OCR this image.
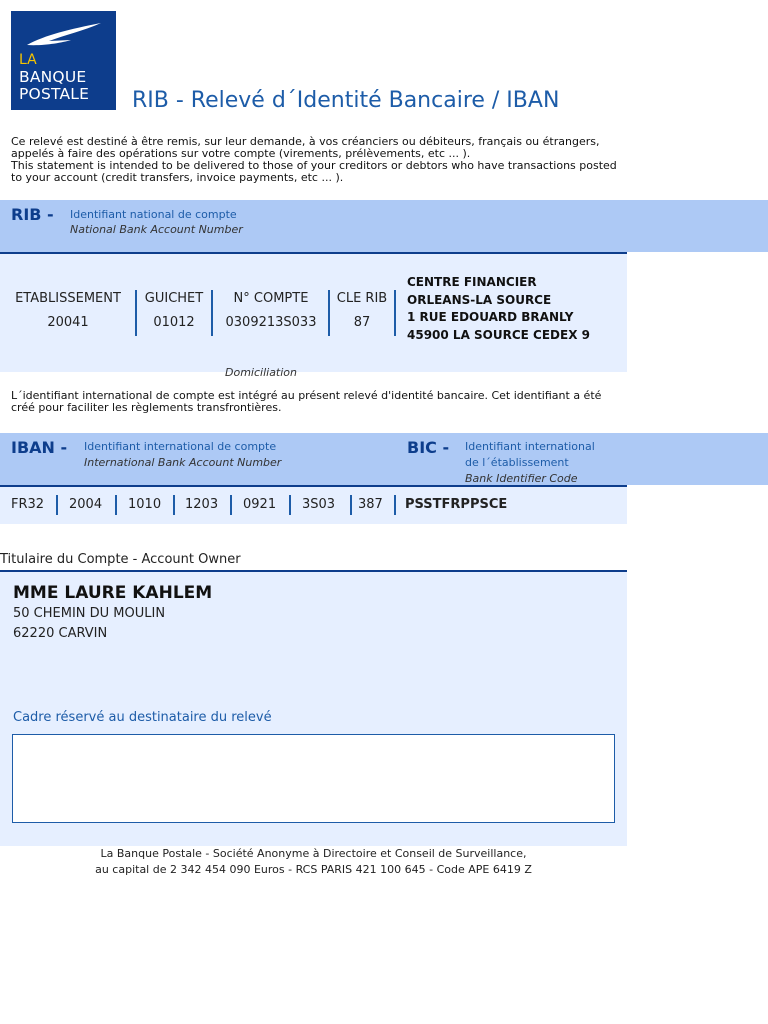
LA
BANQUE
POSTALE RIB - Relevé d´Identité Bancaire / IBAN
Ce relevé est destiné à être remis, sur leur demande, à vos créanciers ou débiteurs, français ou étrangers, appelés à faire des opérations sur votre compte (virements, prélèvements, etc ... ).
This statement is intended to be delivered to those of your creditors or debtors who have transactions posted to your account (credit transfers, invoice payments, etc ... ).
RIB - Identifiant national de compte
National Bank Account Number
ETABLISSEMENT
20041
GUICHET
01012
N° COMPTE
0309213S033
CLE RIB
87
CENTRE FINANCIER
ORLEANS-LA SOURCE
1 RUE EDOUARD BRANLY
45900 LA SOURCE CEDEX 9
Domiciliation
L´identifiant international de compte est intégré au présent relevé d'identité bancaire. Cet identifiant a été créé pour faciliter les règlements transfrontières.
IBAN - Identifiant international de compte
International Bank Account Number
BIC - Identifiant international
de l´établissement
Bank Identifier Code
FR32 2004 1010 1203 0921 3S03 387 PSSTFRPPSCE
Titulaire du Compte - Account Owner
MME LAURE KAHLEM
50 CHEMIN DU MOULIN
62220 CARVIN
Cadre réservé au destinataire du relevé
La Banque Postale - Société Anonyme à Directoire et Conseil de Surveillance,
au capital de 2 342 454 090 Euros - RCS PARIS 421 100 645 - Code APE 6419 Z
